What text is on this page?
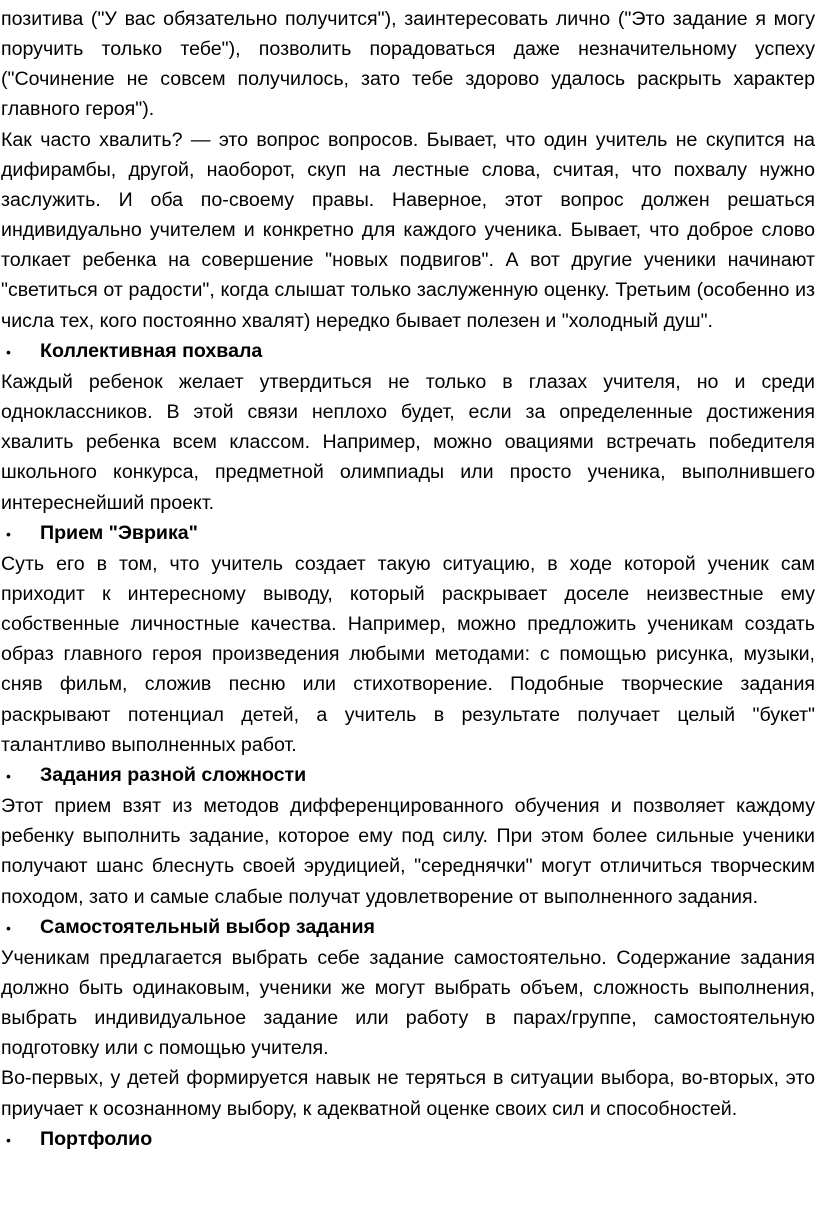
позитива ("У вас обязательно получится"), заинтересовать лично ("Это задание я могу поручить только тебе"), позволить порадоваться даже незначительному успеху ("Сочинение не совсем получилось, зато тебе здорово удалось раскрыть характер главного героя").

Как часто хвалить? — это вопрос вопросов. Бывает, что один учитель не скупится на дифирамбы, другой, наоборот, скуп на лестные слова, считая, что похвалу нужно заслужить. И оба по-своему правы. Наверное, этот вопрос должен решаться индивидуально учителем и конкретно для каждого ученика. Бывает, что доброе слово толкает ребенка на совершение "новых подвигов". А вот другие ученики начинают "светиться от радости", когда слышат только заслуженную оценку. Третьим (особенно из числа тех, кого постоянно хвалят) нередко бывает полезен и "холодный душ".

•	Коллективная похвала

Каждый ребенок желает утвердиться не только в глазах учителя, но и среди одноклассников. В этой связи неплохо будет, если за определенные достижения хвалить ребенка всем классом. Например, можно овациями встречать победителя школьного конкурса, предметной олимпиады или просто ученика, выполнившего интереснейший проект.

•	Прием "Эврика"

Суть его в том, что учитель создает такую ситуацию, в ходе которой ученик сам приходит к интересному выводу, который раскрывает доселе неизвестные ему собственные личностные качества. Например, можно предложить ученикам создать образ главного героя произведения любыми методами: с помощью рисунка, музыки, сняв фильм, сложив песню или стихотворение. Подобные творческие задания раскрывают потенциал детей, а учитель в результате получает целый "букет" талантливо выполненных работ.

•	Задания разной сложности

Этот прием взят из методов дифференцированного обучения и позволяет каждому ребенку выполнить задание, которое ему под силу. При этом более сильные ученики получают шанс блеснуть своей эрудицией, "середнячки" могут отличиться творческим походом, зато и самые слабые получат удовлетворение от выполненного задания.

•	Самостоятельный выбор задания

Ученикам предлагается выбрать себе задание самостоятельно. Содержание задания должно быть одинаковым, ученики же могут выбрать объем, сложность выполнения, выбрать индивидуальное задание или работу в парах/группе, самостоятельную подготовку или с помощью учителя.

Во-первых, у детей формируется навык не теряться в ситуации выбора, во-вторых, это приучает к осознанному выбору, к адекватной оценке своих сил и способностей.

•	Портфолио
